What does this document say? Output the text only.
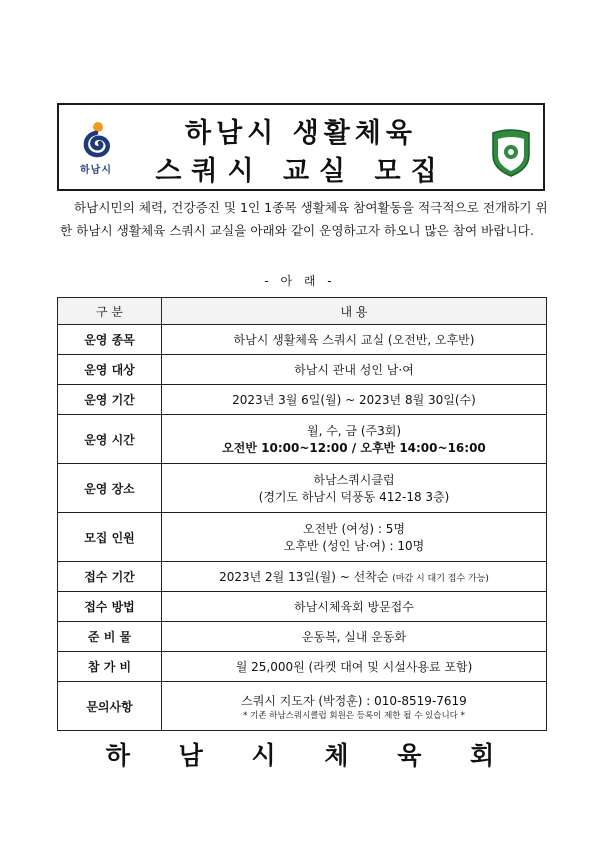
하남시
하남시 생활체육
스쿼시 교실 모집
하남시민의 체력, 건강증진 및 1인 1종목 생활체육 참여활동을 적극적으로 전개하기 위한 하남시 생활체육 스쿼시 교실을 아래와 같이 운영하고자 하오니 많은 참여 바랍니다.
- 아 래 -
구 분	내 용
운영 종목	하남시 생활체육 스쿼시 교실 (오전반, 오후반)
운영 대상	하남시 관내 성인 남·여
운영 기간	2023년 3월 6일(월) ~ 2023년 8월 30일(수)
운영 시간	월, 수, 금 (주3회)
오전반 10:00~12:00 / 오후반 14:00~16:00

운영 장소	하남스쿼시클럽
(경기도 하남시 덕풍동 412-18 3층)

모집 인원	오전반 (여성) : 5명
오후반 (성인 남·여) : 10명

접수 기간	2023년 2월 13일(월) ~ 선착순 (마감 시 대기 접수 가능)
접수 방법	하남시체육회 방문접수
준 비 물	운동복, 실내 운동화
참 가 비	월 25,000원 (라켓 대여 및 시설사용료 포함)
문의사항	스쿼시 지도자 (박정훈) : 010-8519-7619
* 기존 하남스쿼시클럽 회원은 등록이 제한 될 수 있습니다 *
하 남 시 체 육 회
